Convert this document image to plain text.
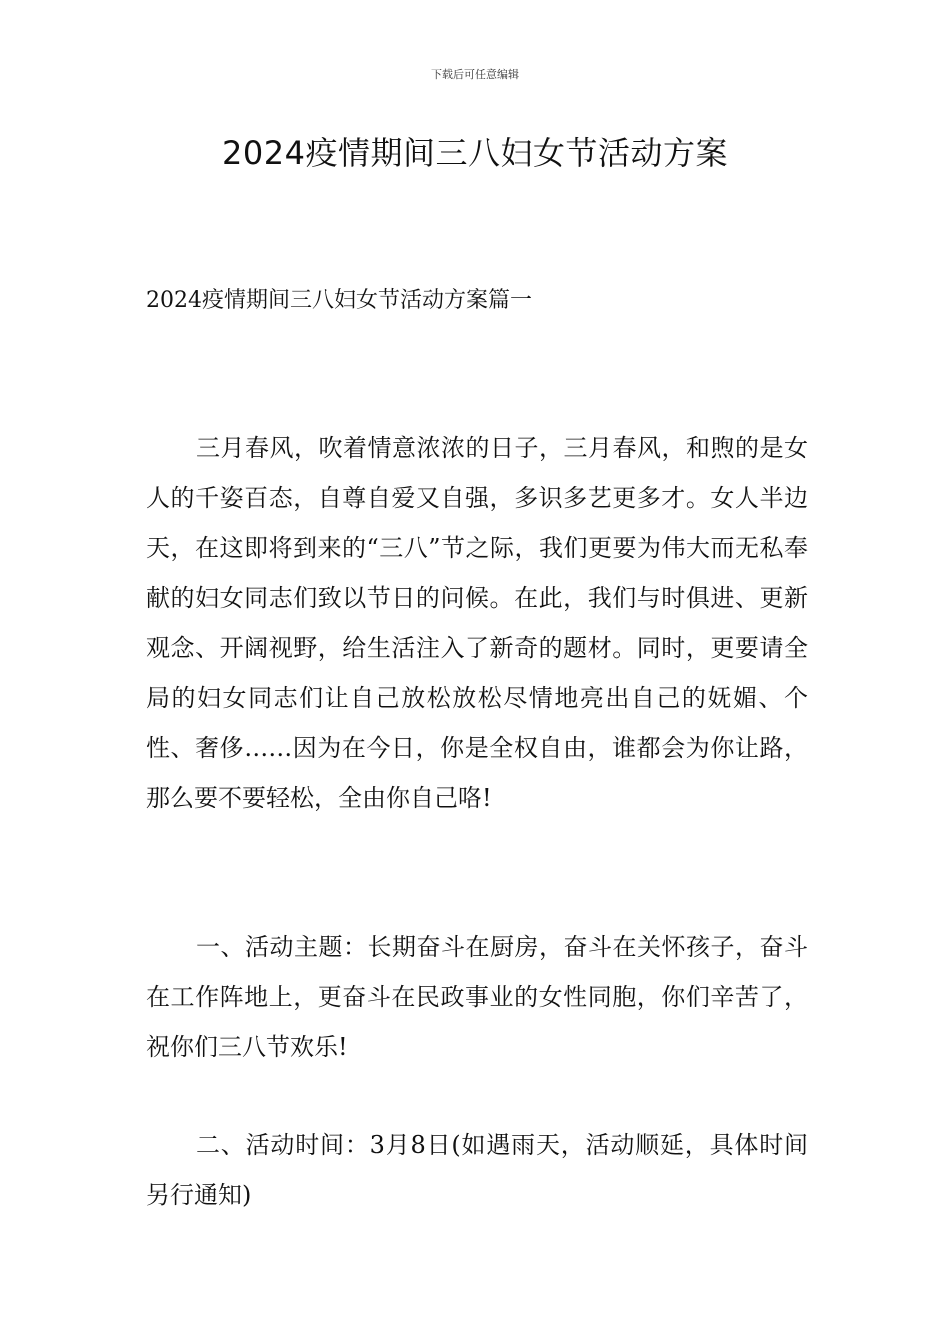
下载后可任意编辑
2024疫情期间三八妇女节活动方案
2024疫情期间三八妇女节活动方案篇一

三月春风，吹着情意浓浓的日子，三月春风，和煦的是女人的千姿百态，自尊自爱又自强，多识多艺更多才。女人半边天，在这即将到来的“三八”节之际，我们更要为伟大而无私奉献的妇女同志们致以节日的问候。在此，我们与时俱进、更新观念、开阔视野，给生活注入了新奇的题材。同时，更要请全局的妇女同志们让自己放松放松尽情地亮出自己的妩媚、个性、奢侈……因为在今日，你是全权自由，谁都会为你让路，那么要不要轻松，全由你自己咯!

一、活动主题：长期奋斗在厨房，奋斗在关怀孩子，奋斗在工作阵地上，更奋斗在民政事业的女性同胞，你们辛苦了，祝你们三八节欢乐!

二、活动时间：3月8日(如遇雨天，活动顺延，具体时间另行通知)
